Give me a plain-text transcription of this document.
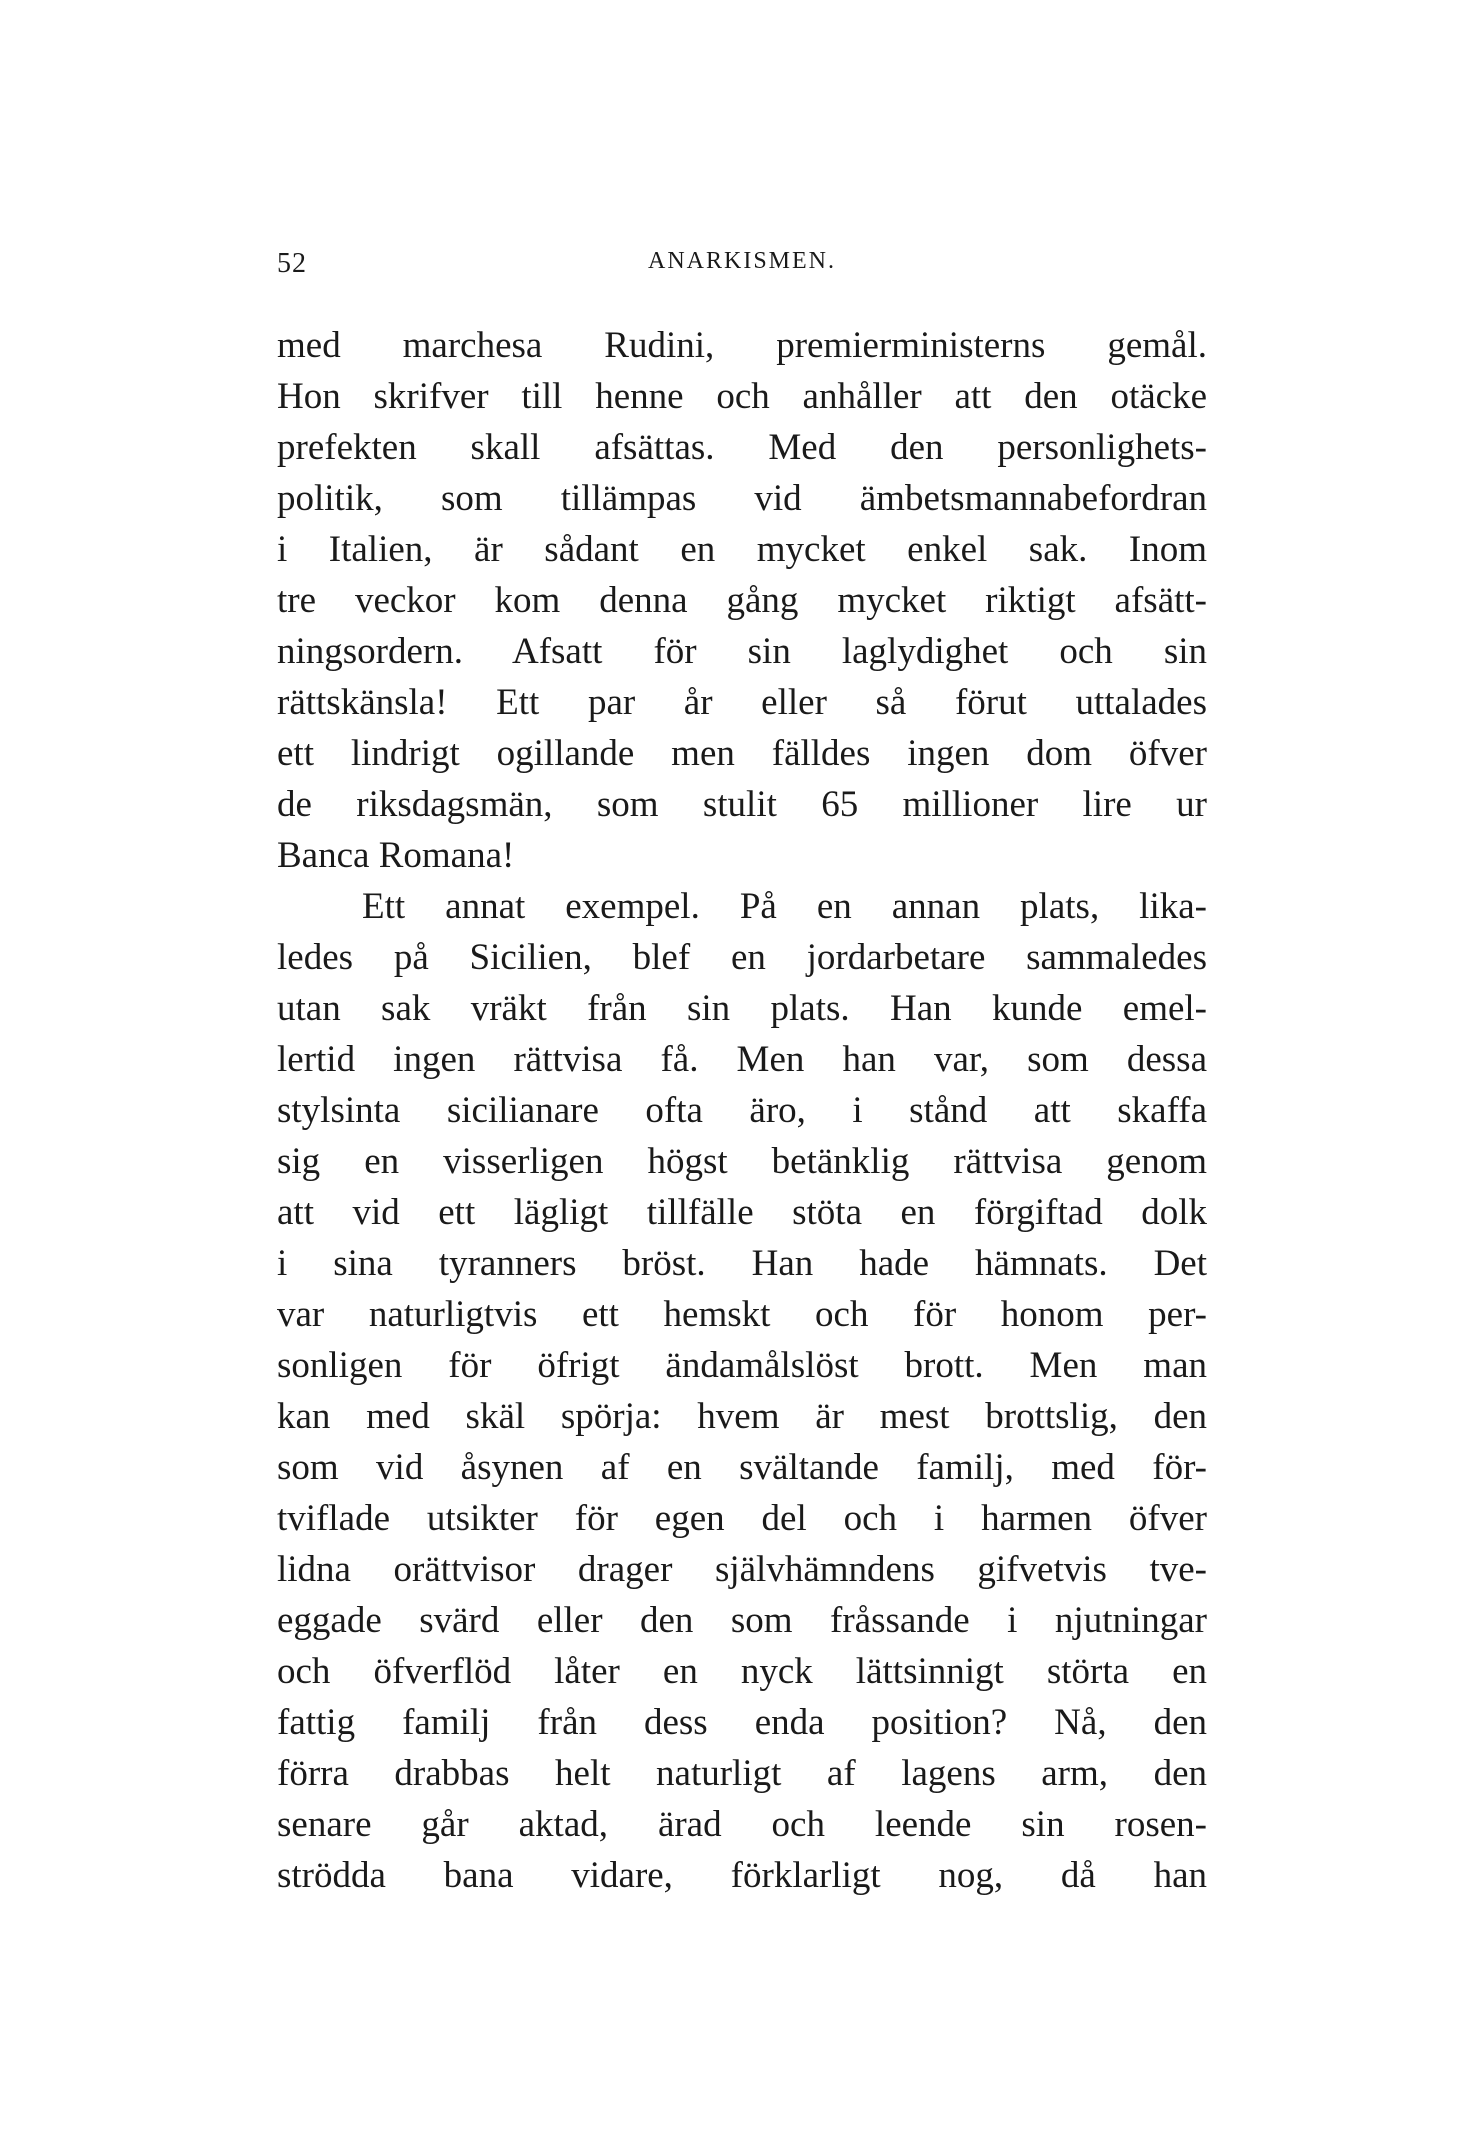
52	ANARKISMEN.
med marchesa Rudini, premierministerns gemål.
Hon skrifver till henne och anhåller att den otäcke
prefekten skall afsättas. Med den personlighets-
politik, som tillämpas vid ämbetsmannabefordran
i Italien, är sådant en mycket enkel sak. Inom
tre veckor kom denna gång mycket riktigt afsätt-
ningsordern. Afsatt för sin laglydighet och sin
rättskänsla! Ett par år eller så förut uttalades
ett lindrigt ogillande men fälldes ingen dom öfver
de riksdagsmän, som stulit 65 millioner lire ur
Banca Romana!
Ett annat exempel. På en annan plats, lika-
ledes på Sicilien, blef en jordarbetare sammaledes
utan sak vräkt från sin plats. Han kunde emel-
lertid ingen rättvisa få. Men han var, som dessa
stylsinta sicilianare ofta äro, i stånd att skaffa
sig en visserligen högst betänklig rättvisa genom
att vid ett lägligt tillfälle stöta en förgiftad dolk
i sina tyranners bröst. Han hade hämnats. Det
var naturligtvis ett hemskt och för honom per-
sonligen för öfrigt ändamålslöst brott. Men man
kan med skäl spörja: hvem är mest brottslig, den
som vid åsynen af en svältande familj, med för-
tviflade utsikter för egen del och i harmen öfver
lidna orättvisor drager självhämndens gifvetvis tve-
eggade svärd eller den som fråssande i njutningar
och öfverflöd låter en nyck lättsinnigt störta en
fattig familj från dess enda position? Nå, den
förra drabbas helt naturligt af lagens arm, den
senare går aktad, ärad och leende sin rosen-
strödda bana vidare, förklarligt nog, då han
